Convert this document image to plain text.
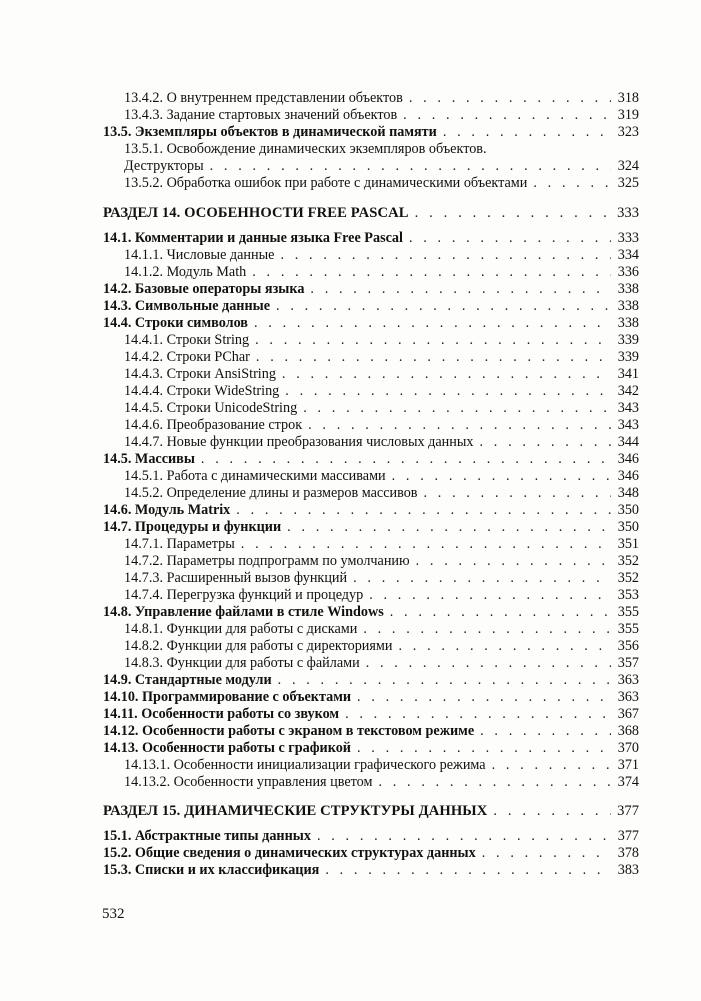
13.4.2. О внутреннем представлении объектов . . .	318
13.4.3. Задание стартовых значений объектов . . .	319
13.5. Экземпляры объектов в динамической памяти . . .	323
13.5.1. Освобождение динамических экземпляров объектов.
Деструкторы . . .	324
13.5.2. Обработка ошибок при работе с динамическими объектами . . .	325
РАЗДЕЛ 14. ОСОБЕННОСТИ FREE PASCAL . . .	333
14.1. Комментарии и данные языка Free Pascal . . .	333
14.1.1. Числовые данные . . .	334
14.1.2. Модуль Math . . .	336
14.2. Базовые операторы языка . . .	338
14.3. Символьные данные . . .	338
14.4. Строки символов . . .	338
14.4.1. Строки String . . .	339
14.4.2. Строки PChar . . .	339
14.4.3. Строки AnsiString . . .	341
14.4.4. Строки WideString . . .	342
14.4.5. Строки UnicodeString . . .	343
14.4.6. Преобразование строк . . .	343
14.4.7. Новые функции преобразования числовых данных . . .	344
14.5. Массивы . . .	346
14.5.1. Работа с динамическими массивами . . .	346
14.5.2. Определение длины и размеров массивов . . .	348
14.6. Модуль Matrix . . .	350
14.7. Процедуры и функции . . .	350
14.7.1. Параметры . . .	351
14.7.2. Параметры подпрограмм по умолчанию . . .	352
14.7.3. Расширенный вызов функций . . .	352
14.7.4. Перегрузка функций и процедур . . .	353
14.8. Управление файлами в стиле Windows . . .	355
14.8.1. Функции для работы с дисками . . .	355
14.8.2. Функции для работы с директориями . . .	356
14.8.3. Функции для работы с файлами . . .	357
14.9. Стандартные модули . . .	363
14.10. Программирование с объектами . . .	363
14.11. Особенности работы со звуком . . .	367
14.12. Особенности работы с экраном в текстовом режиме . . .	368
14.13. Особенности работы с графикой . . .	370
14.13.1. Особенности инициализации графического режима . . .	371
14.13.2. Особенности управления цветом . . .	374
РАЗДЕЛ 15. ДИНАМИЧЕСКИЕ СТРУКТУРЫ ДАННЫХ . . .	377
15.1. Абстрактные типы данных . . .	377
15.2. Общие сведения о динамических структурах данных . . .	378
15.3. Списки и их классификация . . .	383
532
